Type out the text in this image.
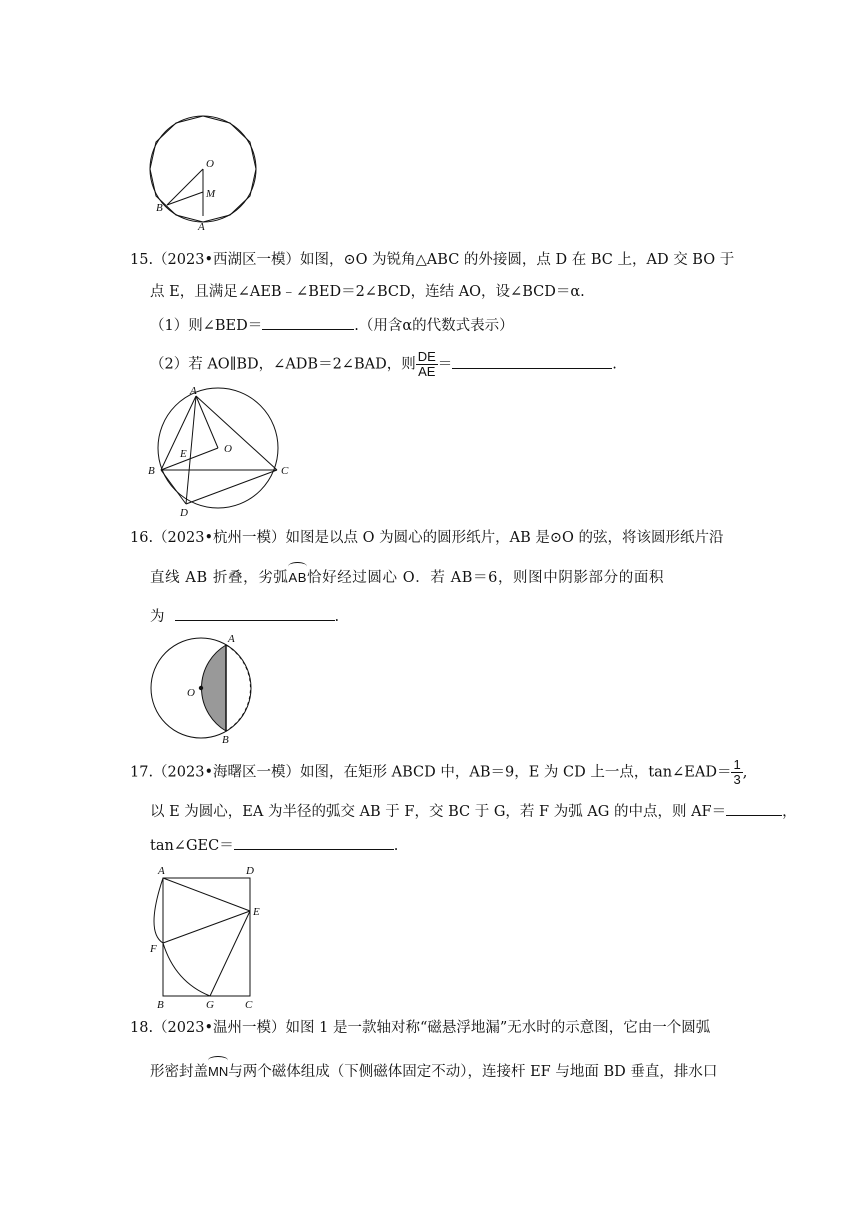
O
M
B
A
15.（2023•西湖区一模）如图，⊙O 为锐角△ABC 的外接圆，点 D 在 BC 上，AD 交 BO 于
点 E，且满足∠AEB﹣∠BED＝2∠BCD，连结 AO，设∠BCD＝α.
（1）则∠BED＝	.（用含α的代数式表示）
（2）若 AO∥BD，∠ADB＝2∠BAD，则 $\frac{DE}{AE}$ ＝	.
A
B	C
D
E	O
16.（2023•杭州一模）如图是以点 O 为圆心的圆形纸片，AB 是⊙O 的弦，将该圆形纸片沿
直线 AB 折叠，劣弧AB恰好经过圆心 O．若 AB＝6，则图中阴影部分的面积
为	.
A
B
O
17.（2023•海曙区一模）如图，在矩形 ABCD 中，AB＝9，E 为 CD 上一点，tan∠EAD＝ $\frac{1}{3}$ ,
以 E 为圆心，EA 为半径的弧交 AB 于 F，交 BC 于 G，若 F 为弧 AG 的中点，则 AF＝	，
tan∠GEC＝	.
A	D
E
F
B	G	C
18.（2023•温州一模）如图 1 是一款轴对称“磁悬浮地漏”无水时的示意图，它由一个圆弧
形密封盖MN与两个磁体组成（下侧磁体固定不动），连接杆 EF 与地面 BD 垂直，排水口
